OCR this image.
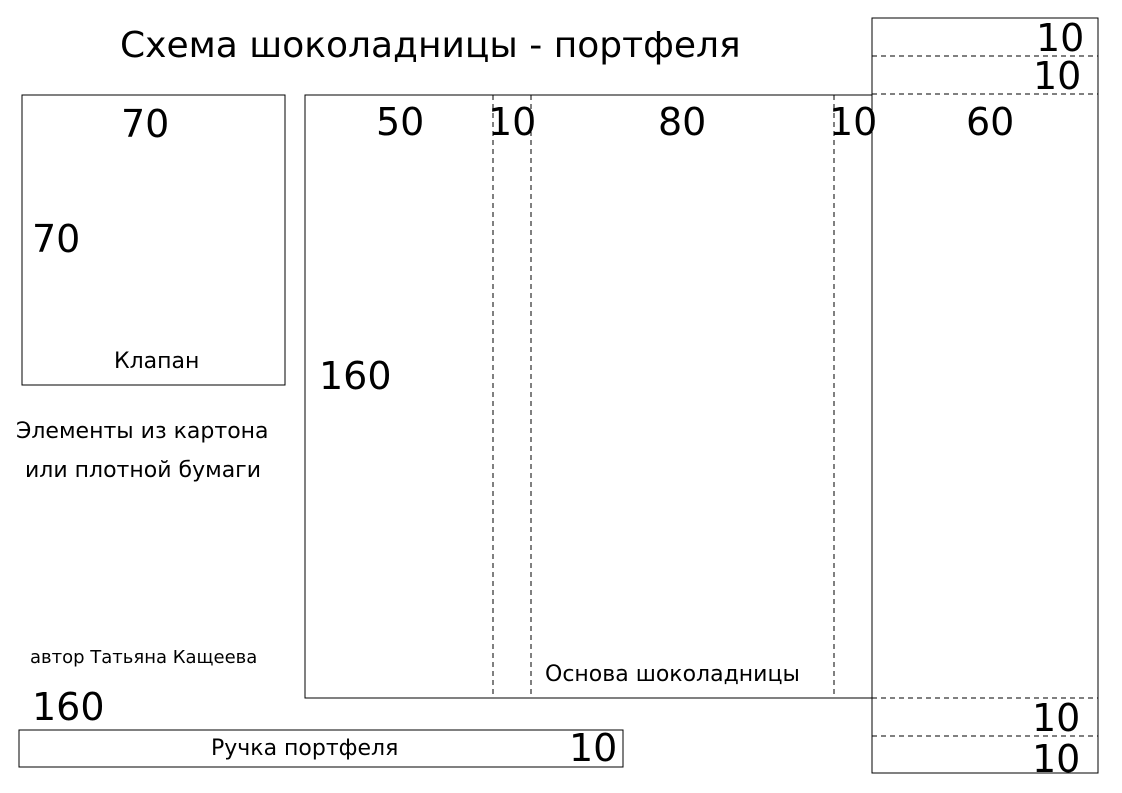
Схема шоколадницы - портфеля
70
70
Клапан
50 10	80	10 60
160
Основа шоколадницы
10
10
10
10
Элементы из картона
или плотной бумаги
автор Татьяна Кащеева
160
Ручка портфеля	10
